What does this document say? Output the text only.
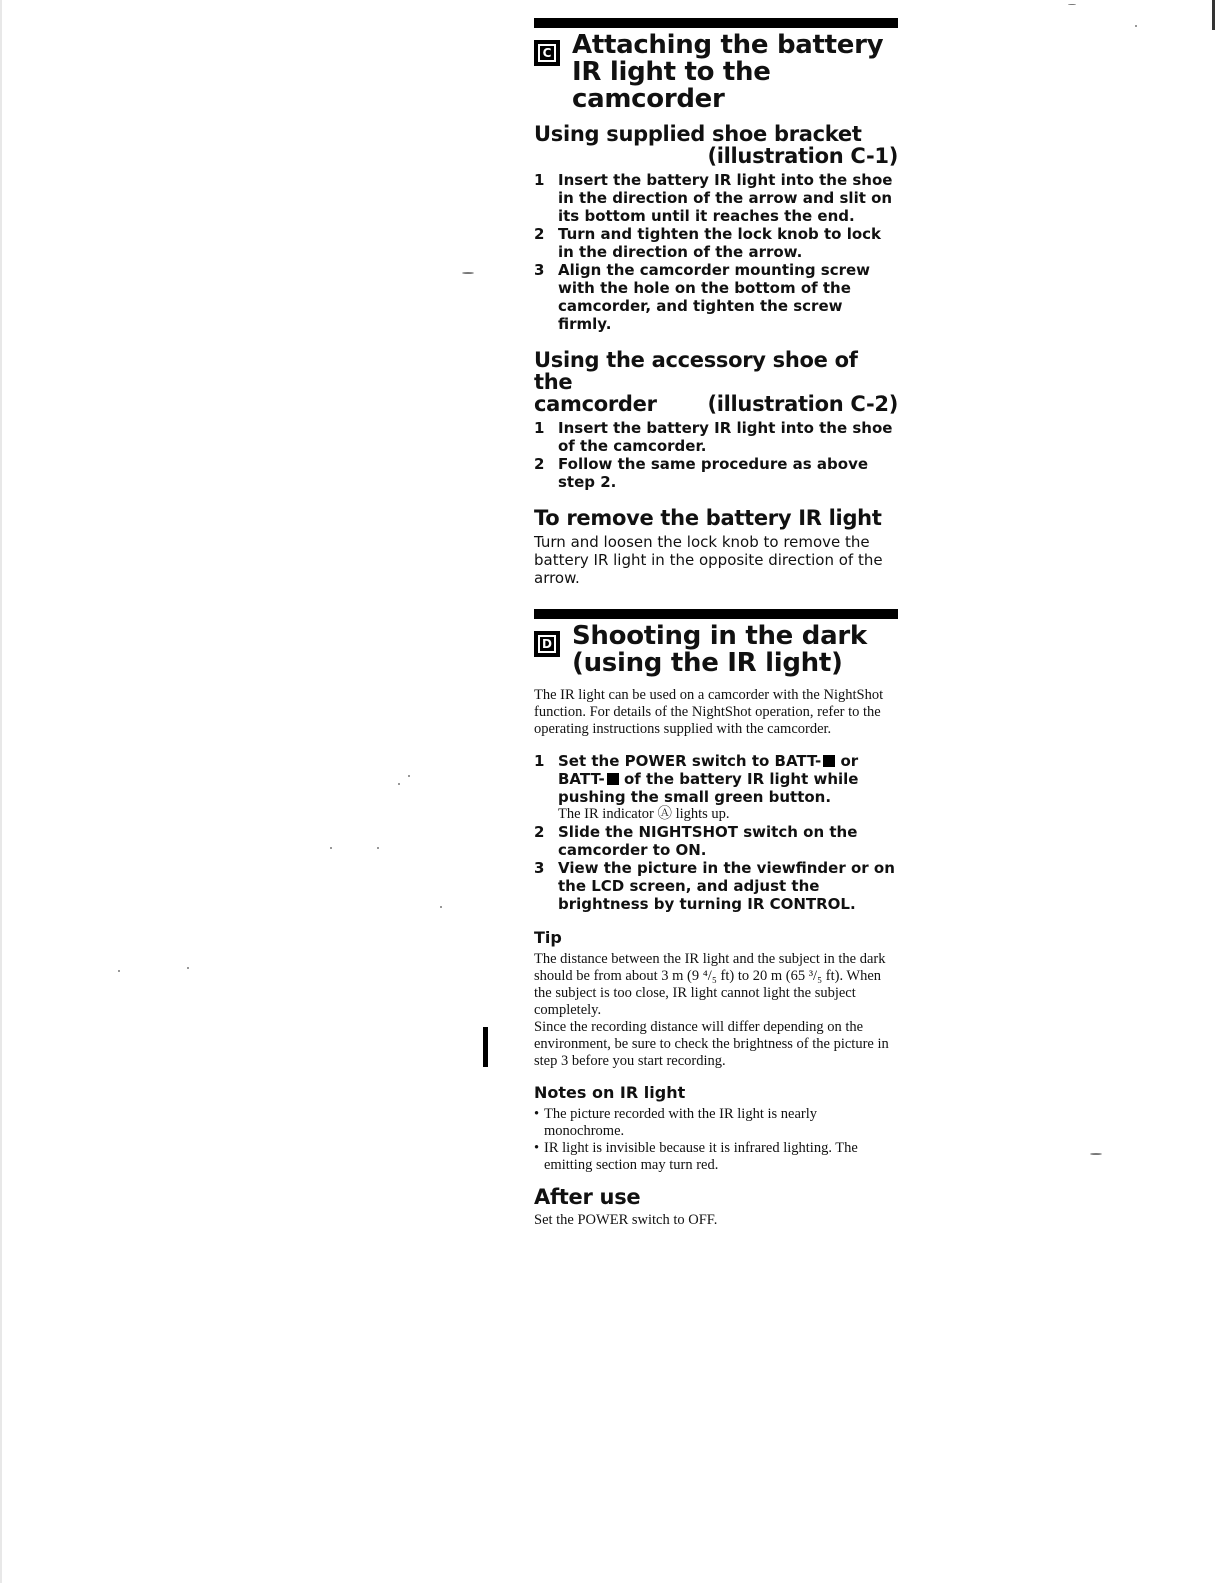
C Attaching the battery
IR light to the
camcorder
Using supplied shoe bracket
(illustration C-1)
1 Insert the battery IR light into the shoe in the direction of the arrow and slit on its bottom until it reaches the end.
2 Turn and tighten the lock knob to lock in the direction of the arrow.
3 Align the camcorder mounting screw with the hole on the bottom of the camcorder, and tighten the screw firmly.
Using the accessory shoe of the
camcorder (illustration C-2)
1 Insert the battery IR light into the shoe of the camcorder.
2 Follow the same procedure as above step 2.
To remove the battery IR light

Turn and loosen the lock knob to remove the battery IR light in the opposite direction of the arrow.

D Shooting in the dark
(using the IR light)

The IR light can be used on a camcorder with the NightShot function. For details of the NightShot operation, refer to the operating instructions supplied with the camcorder.

1 Set the POWER switch to BATT- or BATT- of the battery IR light while pushing the small green button.
The IR indicator Ⓐ lights up.
2 Slide the NIGHTSHOT switch on the camcorder to ON.
3 View the picture in the viewfinder or on the LCD screen, and adjust the brightness by turning IR CONTROL.
Tip

The distance between the IR light and the subject in the dark should be from about 3 m (9 ⁴/₅ ft) to 20 m (65 ³/₅ ft). When the subject is too close, IR light cannot light the subject completely.

Since the recording distance will differ depending on the environment, be sure to check the brightness of the picture in step 3 before you start recording.

Notes on IR light
• The picture recorded with the IR light is nearly monochrome.
• IR light is invisible because it is infrared lighting. The emitting section may turn red.
After use

Set the POWER switch to OFF.
